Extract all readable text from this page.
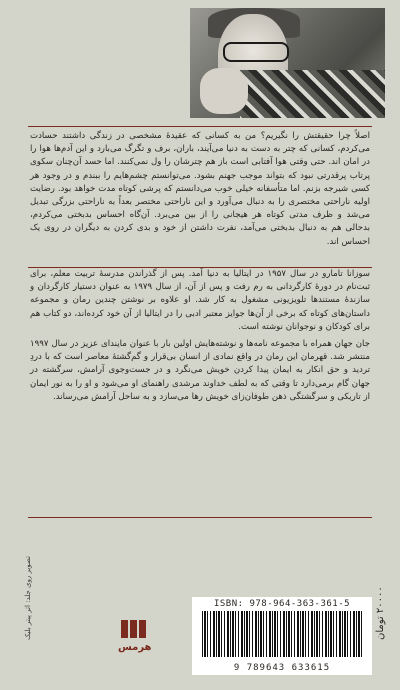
اصلاً چرا حقیقتش را نگیریم؟ من به کسانی که عقیدهٔ مشخصی در زندگی داشتند حسادت می‌کردم، کسانی که چتر به دست به دنیا می‌آیند، باران، برف و تگرگ می‌بارد و این آدم‌ها هوا را در امان اند. حتی وقتی هوا آفتابی است باز هم چترشان را ول نمی‌کنند. اما حسد آن‌چنان سکوی پرتاب پرقدرتی نبود که بتواند موجب جهنم بشود. می‌توانستم چشم‌هایم را ببندم و در وجود هر کسی شیرجه بزنم. اما متأسفانه خیلی خوب می‌دانستم که پرشی کوتاه مدت خواهد بود. رضایت اولیه ناراحتی مختصری را به دنبال می‌آورد و این ناراحتی مختصر بعداً به ناراحتی بزرگی تبدیل می‌شد و ظرف مدتی کوتاه هر هیجانی را از بین می‌برد. آن‌گاه احساس بدبختی می‌کردم، بدحالی هم به دنبال بدبختی می‌آمد، نفرت داشتن از خود و بدی کردن به دیگران در روی یک احساس اند.

سوزانا تامارو در سال ۱۹۵۷ در ایتالیا به دنیا آمد. پس از گذراندن مدرسهٔ تربیت معلم، برای ثبت‌نام در دورهٔ کارگردانی به رم رفت و پس از آن، از سال ۱۹۷۹ به عنوان دستیار کارگردان و سازندهٔ مستندها تلویزیونی مشغول به کار شد. او علاوه بر نوشتن چندین رمان و مجموعه داستان‌های کوتاه که برخی از آن‌ها جوایز معتبر ادبی را در ایتالیا از آن خود کرده‌اند، دو کتاب هم برای کودکان و نوجوانان نوشته است.

جان جهان همراه با مجموعه نامه‌ها و نوشته‌هایش اولین بار با عنوان مایندای عزیز در سال ۱۹۹۷ منتشر شد. قهرمان این رمان در واقع نمادی از انسان بی‌قرار و گم‌گشتهٔ معاصر است که با دردِ تردید و حق انکار به ایمان پیدا کردن خویش می‌نگرد و در جست‌وجوی آرامش، سرگشته در جهان گام برمی‌دارد تا وقتی که به لطف خداوند مرشدی راهنمای او می‌شود و او را به نور ایمان از تاریکی و سرگشتگی ذهن طوفان‌زای خویش رها می‌سازد و به ساحل آرامش می‌رساند.

تصویر روی جلد: اثر پیتر بلیک
هرمس
ISBN: 978-964-363-361-5
9 789643 633615
۲۰۰۰۰ تومان
